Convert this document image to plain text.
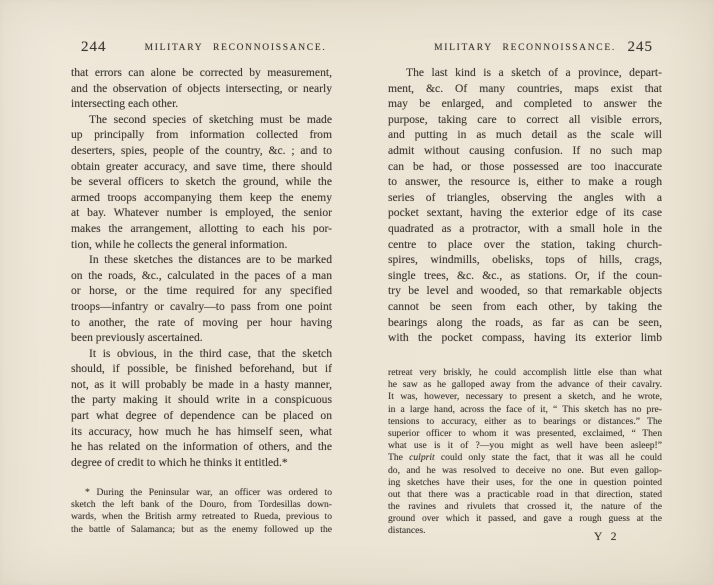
244	MILITARY RECONNOISSANCE.
that errors can alone be corrected by measurement,
and the observation of objects intersecting, or nearly
intersecting each other.
The second species of sketching must be made
up principally from information collected from
deserters, spies, people of the country, &c. ; and to
obtain greater accuracy, and save time, there should
be several officers to sketch the ground, while the
armed troops accompanying them keep the enemy
at bay. Whatever number is employed, the senior
makes the arrangement, allotting to each his por-
tion, while he collects the general information.
In these sketches the distances are to be marked
on the roads, &c., calculated in the paces of a man
or horse, or the time required for any specified
troops—infantry or cavalry—to pass from one point
to another, the rate of moving per hour having
been previously ascertained.
It is obvious, in the third case, that the sketch
should, if possible, be finished beforehand, but if
not, as it will probably be made in a hasty manner,
the party making it should write in a conspicuous
part what degree of dependence can be placed on
its accuracy, how much he has himself seen, what
he has related on the information of others, and the
degree of credit to which he thinks it entitled.*
* During the Peninsular war, an officer was ordered to
sketch the left bank of the Douro, from Tordesillas down-
wards, when the British army retreated to Rueda, previous to
the battle of Salamanca; but as the enemy followed up the
MILITARY RECONNOISSANCE. 245
The last kind is a sketch of a province, depart-
ment, &c. Of many countries, maps exist that
may be enlarged, and completed to answer the
purpose, taking care to correct all visible errors,
and putting in as much detail as the scale will
admit without causing confusion. If no such map
can be had, or those possessed are too inaccurate
to answer, the resource is, either to make a rough
series of triangles, observing the angles with a
pocket sextant, having the exterior edge of its case
quadrated as a protractor, with a small hole in the
centre to place over the station, taking church-
spires, windmills, obelisks, tops of hills, crags,
single trees, &c. &c., as stations. Or, if the coun-
try be level and wooded, so that remarkable objects
cannot be seen from each other, by taking the
bearings along the roads, as far as can be seen,
with the pocket compass, having its exterior limb
retreat very briskly, he could accomplish little else than what
he saw as he galloped away from the advance of their cavalry.
It was, however, necessary to present a sketch, and he wrote,
in a large hand, across the face of it, “ This sketch has no pre-
tensions to accuracy, either as to bearings or distances.” The
superior officer to whom it was presented, exclaimed, “ Then
what use is it of ?—you might as well have been asleep!”
The culprit could only state the fact, that it was all he could
do, and he was resolved to deceive no one. But even gallop-
ing sketches have their uses, for the one in question pointed
out that there was a practicable road in that direction, stated
the ravines and rivulets that crossed it, the nature of the
ground over which it passed, and gave a rough guess at the
distances.
Y 2
